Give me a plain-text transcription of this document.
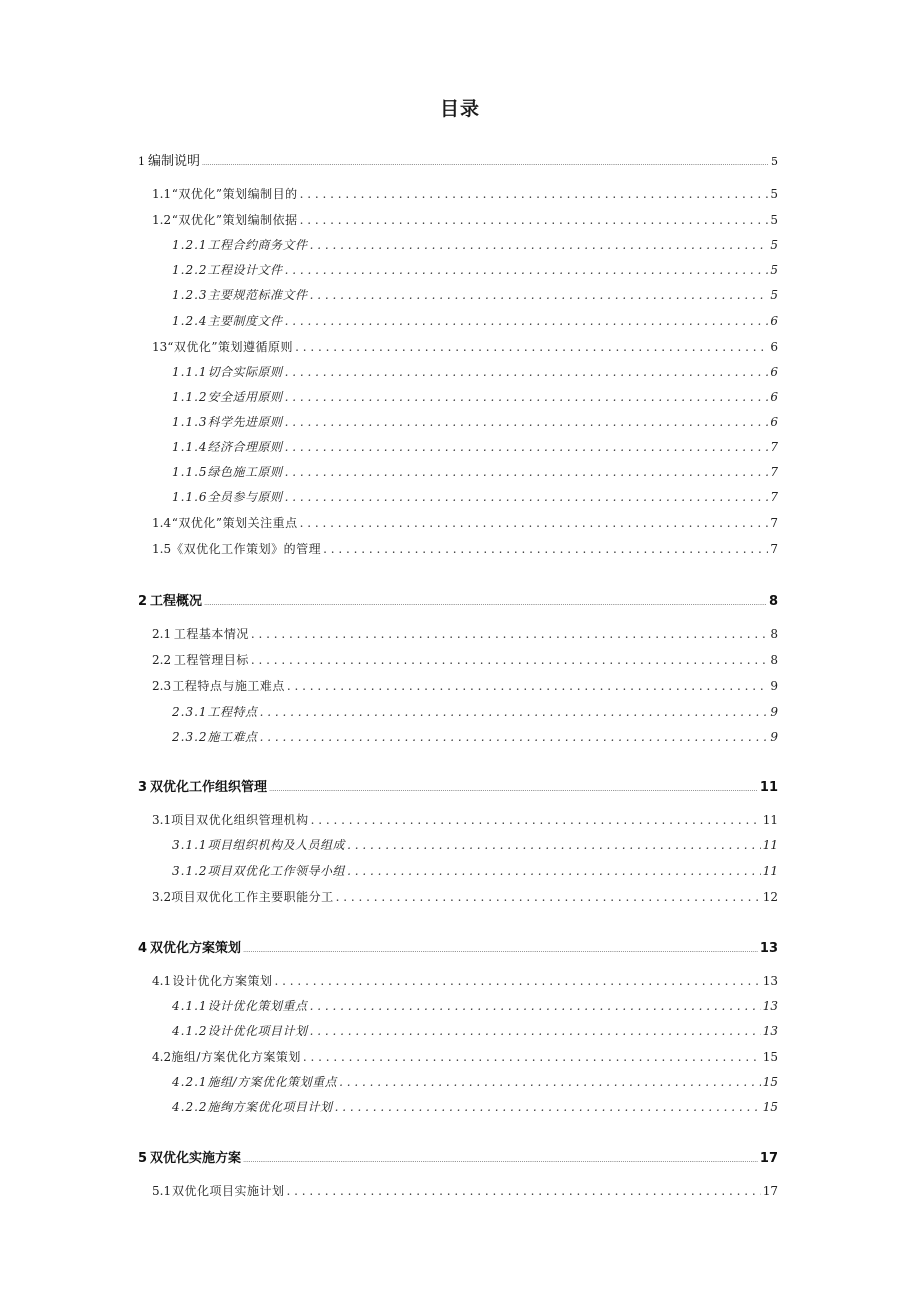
目录
1 编制说明 .....	5
1.1 “双优化”策划编制目的 . . .	5
1.2 “双优化”策划编制依据 . . .	5
1.2.1 工程合约商务文件 . . .	5
1.2.2 工程设计文件 . . .	5
1.2.3 主要规范标准文件 . . .	5
1.2.4 主要制度文件 . . .	6
13 “双优化”策划遵循原则 . . .	6
1.1.1 切合实际原则 . . .	6
1.1.2 安全适用原则 . . .	6
1.1.3 科学先进原则 . . .	6
1.1.4 经济合理原则 . . .	7
1.1.5 绿色施工原则 . . .	7
1.1.6 全员参与原则 . . .	7
1.4 “双优化”策划关注重点 . . .	7
1.5 《双优化工作策划》的管理 . . .	7
2 工程概况 .....	8
2.1 工程基本情况 . . .	8
2.2 工程管理目标 . . .	8
2.3 工程特点与施工难点 . . .	9
2.3.1 工程特点 . . .	9
2.3.2 施工难点 . . .	9
3 双优化工作组织管理 .....	11
3.1 项目双优化组织管理机构 . . .	11
3.1.1 项目组织机构及人员组成 . . .	11
3.1.2 项目双优化工作领导小组 . . .	11
3.2 项目双优化工作主要职能分工 . . .	12
4 双优化方案策划 .....	13
4.1 设计优化方案策划 . . .	13
4.1.1 设计优化策划重点 . . .	13
4.1.2 设计优化项目计划 . . .	13
4.2 施组/方案优化方案策划 . . .	15
4.2.1 施组/方案优化策划重点 . . .	15
4.2.2 施绚方案优化项目计划 . . .	15
5 双优化实施方案 .....	17
5.1 双优化项目实施计划 . . .	17
